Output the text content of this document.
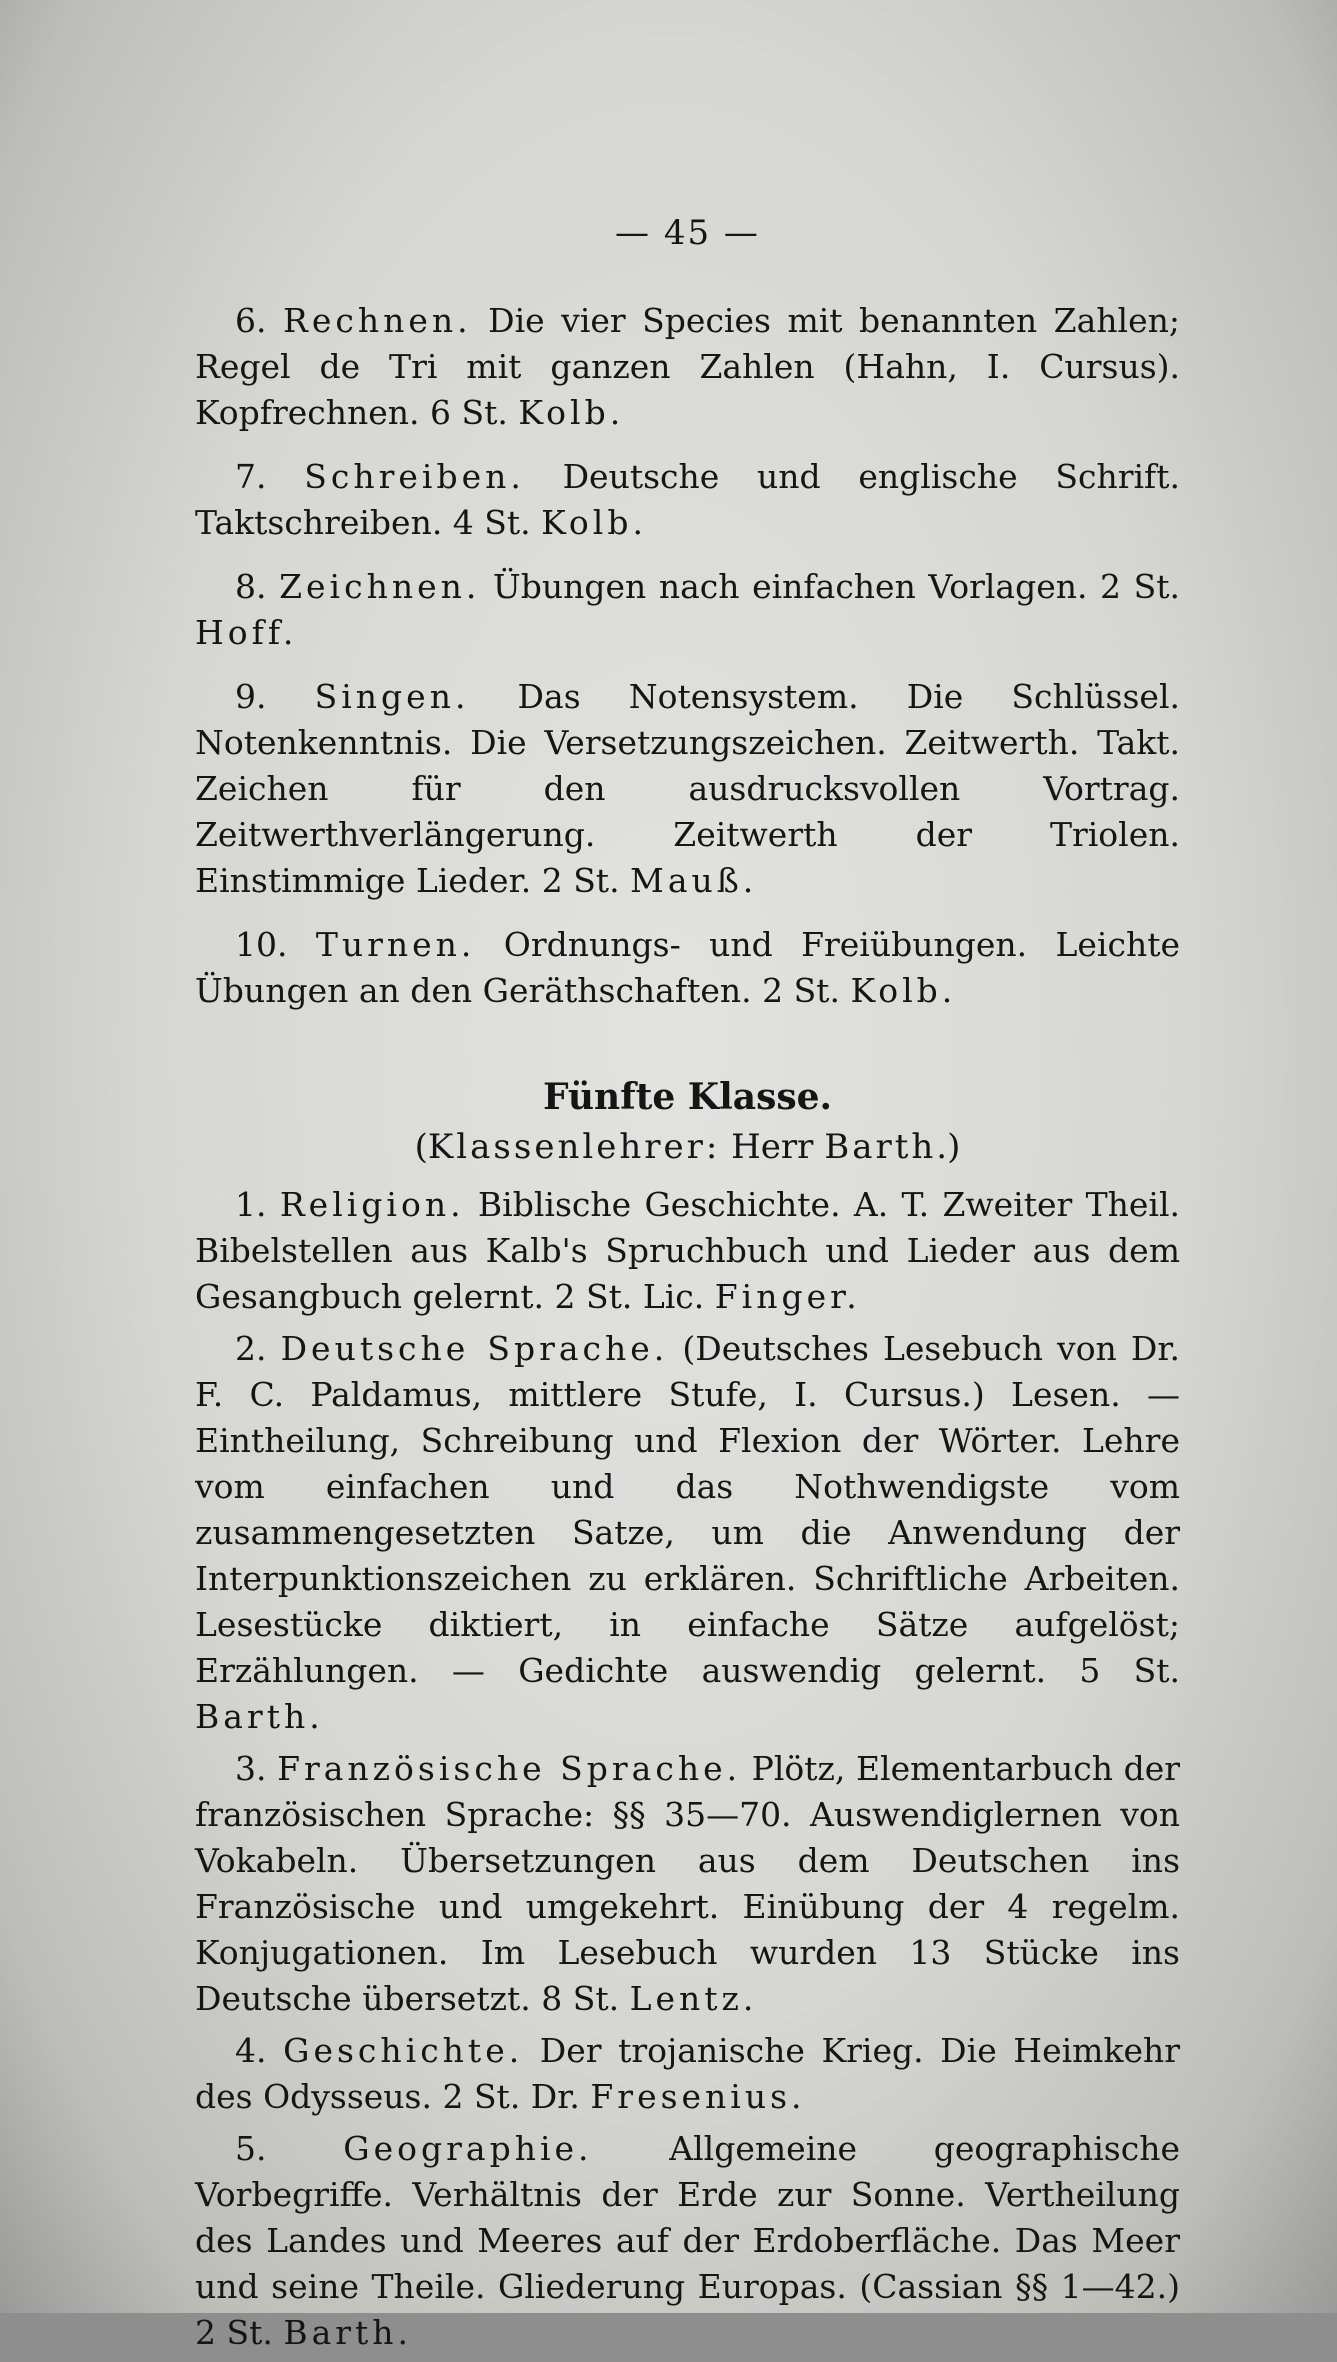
— 45 —
6. Rechnen. Die vier Species mit benannten Zahlen; Regel de Tri mit ganzen Zahlen (Hahn, I. Cursus). Kopfrechnen. 6 St. Kolb.
7. Schreiben. Deutsche und englische Schrift. Taktschreiben. 4 St. Kolb.
8. Zeichnen. Übungen nach einfachen Vorlagen. 2 St. Hoff.
9. Singen. Das Notensystem. Die Schlüssel. Notenkenntnis. Die Versetzungszeichen. Zeitwerth. Takt. Zeichen für den ausdrucksvollen Vortrag. Zeitwerthverlängerung. Zeitwerth der Triolen. Einstimmige Lieder. 2 St. Mauß.
10. Turnen. Ordnungs- und Freiübungen. Leichte Übungen an den Geräthschaften. 2 St. Kolb.
Fünfte Klasse.
(Klassenlehrer: Herr Barth.)
1. Religion. Biblische Geschichte. A. T. Zweiter Theil. Bibelstellen aus Kalb's Spruchbuch und Lieder aus dem Gesangbuch gelernt. 2 St. Lic. Finger.
2. Deutsche Sprache. (Deutsches Lesebuch von Dr. F. C. Paldamus, mittlere Stufe, I. Cursus.) Lesen. — Eintheilung, Schreibung und Flexion der Wörter. Lehre vom einfachen und das Nothwendigste vom zusammengesetzten Satze, um die Anwendung der Interpunktionszeichen zu erklären. Schriftliche Arbeiten. Lesestücke diktiert, in einfache Sätze aufgelöst; Erzählungen. — Gedichte auswendig gelernt. 5 St. Barth.
3. Französische Sprache. Plötz, Elementarbuch der französischen Sprache: §§ 35—70. Auswendiglernen von Vokabeln. Übersetzungen aus dem Deutschen ins Französische und umgekehrt. Einübung der 4 regelm. Konjugationen. Im Lesebuch wurden 13 Stücke ins Deutsche übersetzt. 8 St. Lentz.
4. Geschichte. Der trojanische Krieg. Die Heimkehr des Odysseus. 2 St. Dr. Fresenius.
5. Geographie. Allgemeine geographische Vorbegriffe. Verhältnis der Erde zur Sonne. Vertheilung des Landes und Meeres auf der Erdoberfläche. Das Meer und seine Theile. Gliederung Europas. (Cassian §§ 1—42.) 2 St. Barth.
